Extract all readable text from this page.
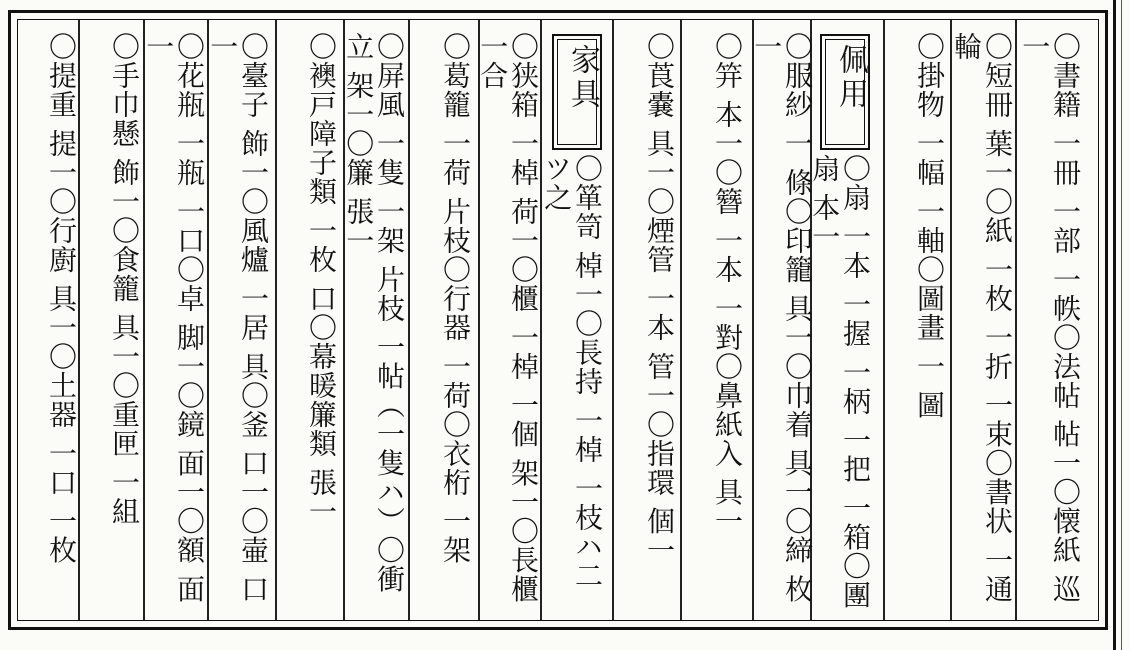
〇書籍 一冊 一部 一帙〇法帖 帖一〇懐紙 巡一
〇短冊 葉一〇紙 一枚 一折 一束〇書状 一通 輪
〇掛物 一幅 一軸〇圖畫 一 圖
佩用
〇扇 一本 一握 一柄 一把 一箱〇團扇 本一
〇服紗 一 條〇印籠 具一〇巾着 具一〇締 枚一
〇笄 本一〇簪 一本 一對〇鼻紙入 具一
〇莨嚢 具一〇煙管 一本 管一〇指環 個一
家具
〇箪笥 棹一〇長持 一棹 一枝ハ二ツ之
〇狭箱 一棹 荷一〇櫃 一棹 一個 架一〇長櫃 一合
〇葛籠 一荷 片枝〇行器 一荷〇衣桁 一架
〇屏風 一隻 一架 片枝 一帖（一隻ハ）〇衝立 架一〇簾 張一
〇襖戸障子類 一枚 口〇幕暖簾類 張一
〇臺子 飾一〇風爐 一居 具〇釜 口一〇壷 口一
〇花瓶 一瓶 一口〇卓 脚一〇鏡 面一〇額 面一
〇手巾懸 飾一〇食籠 具一〇重匣 一組
〇提重 提一〇行廚 具一〇土器 一口 一枚
